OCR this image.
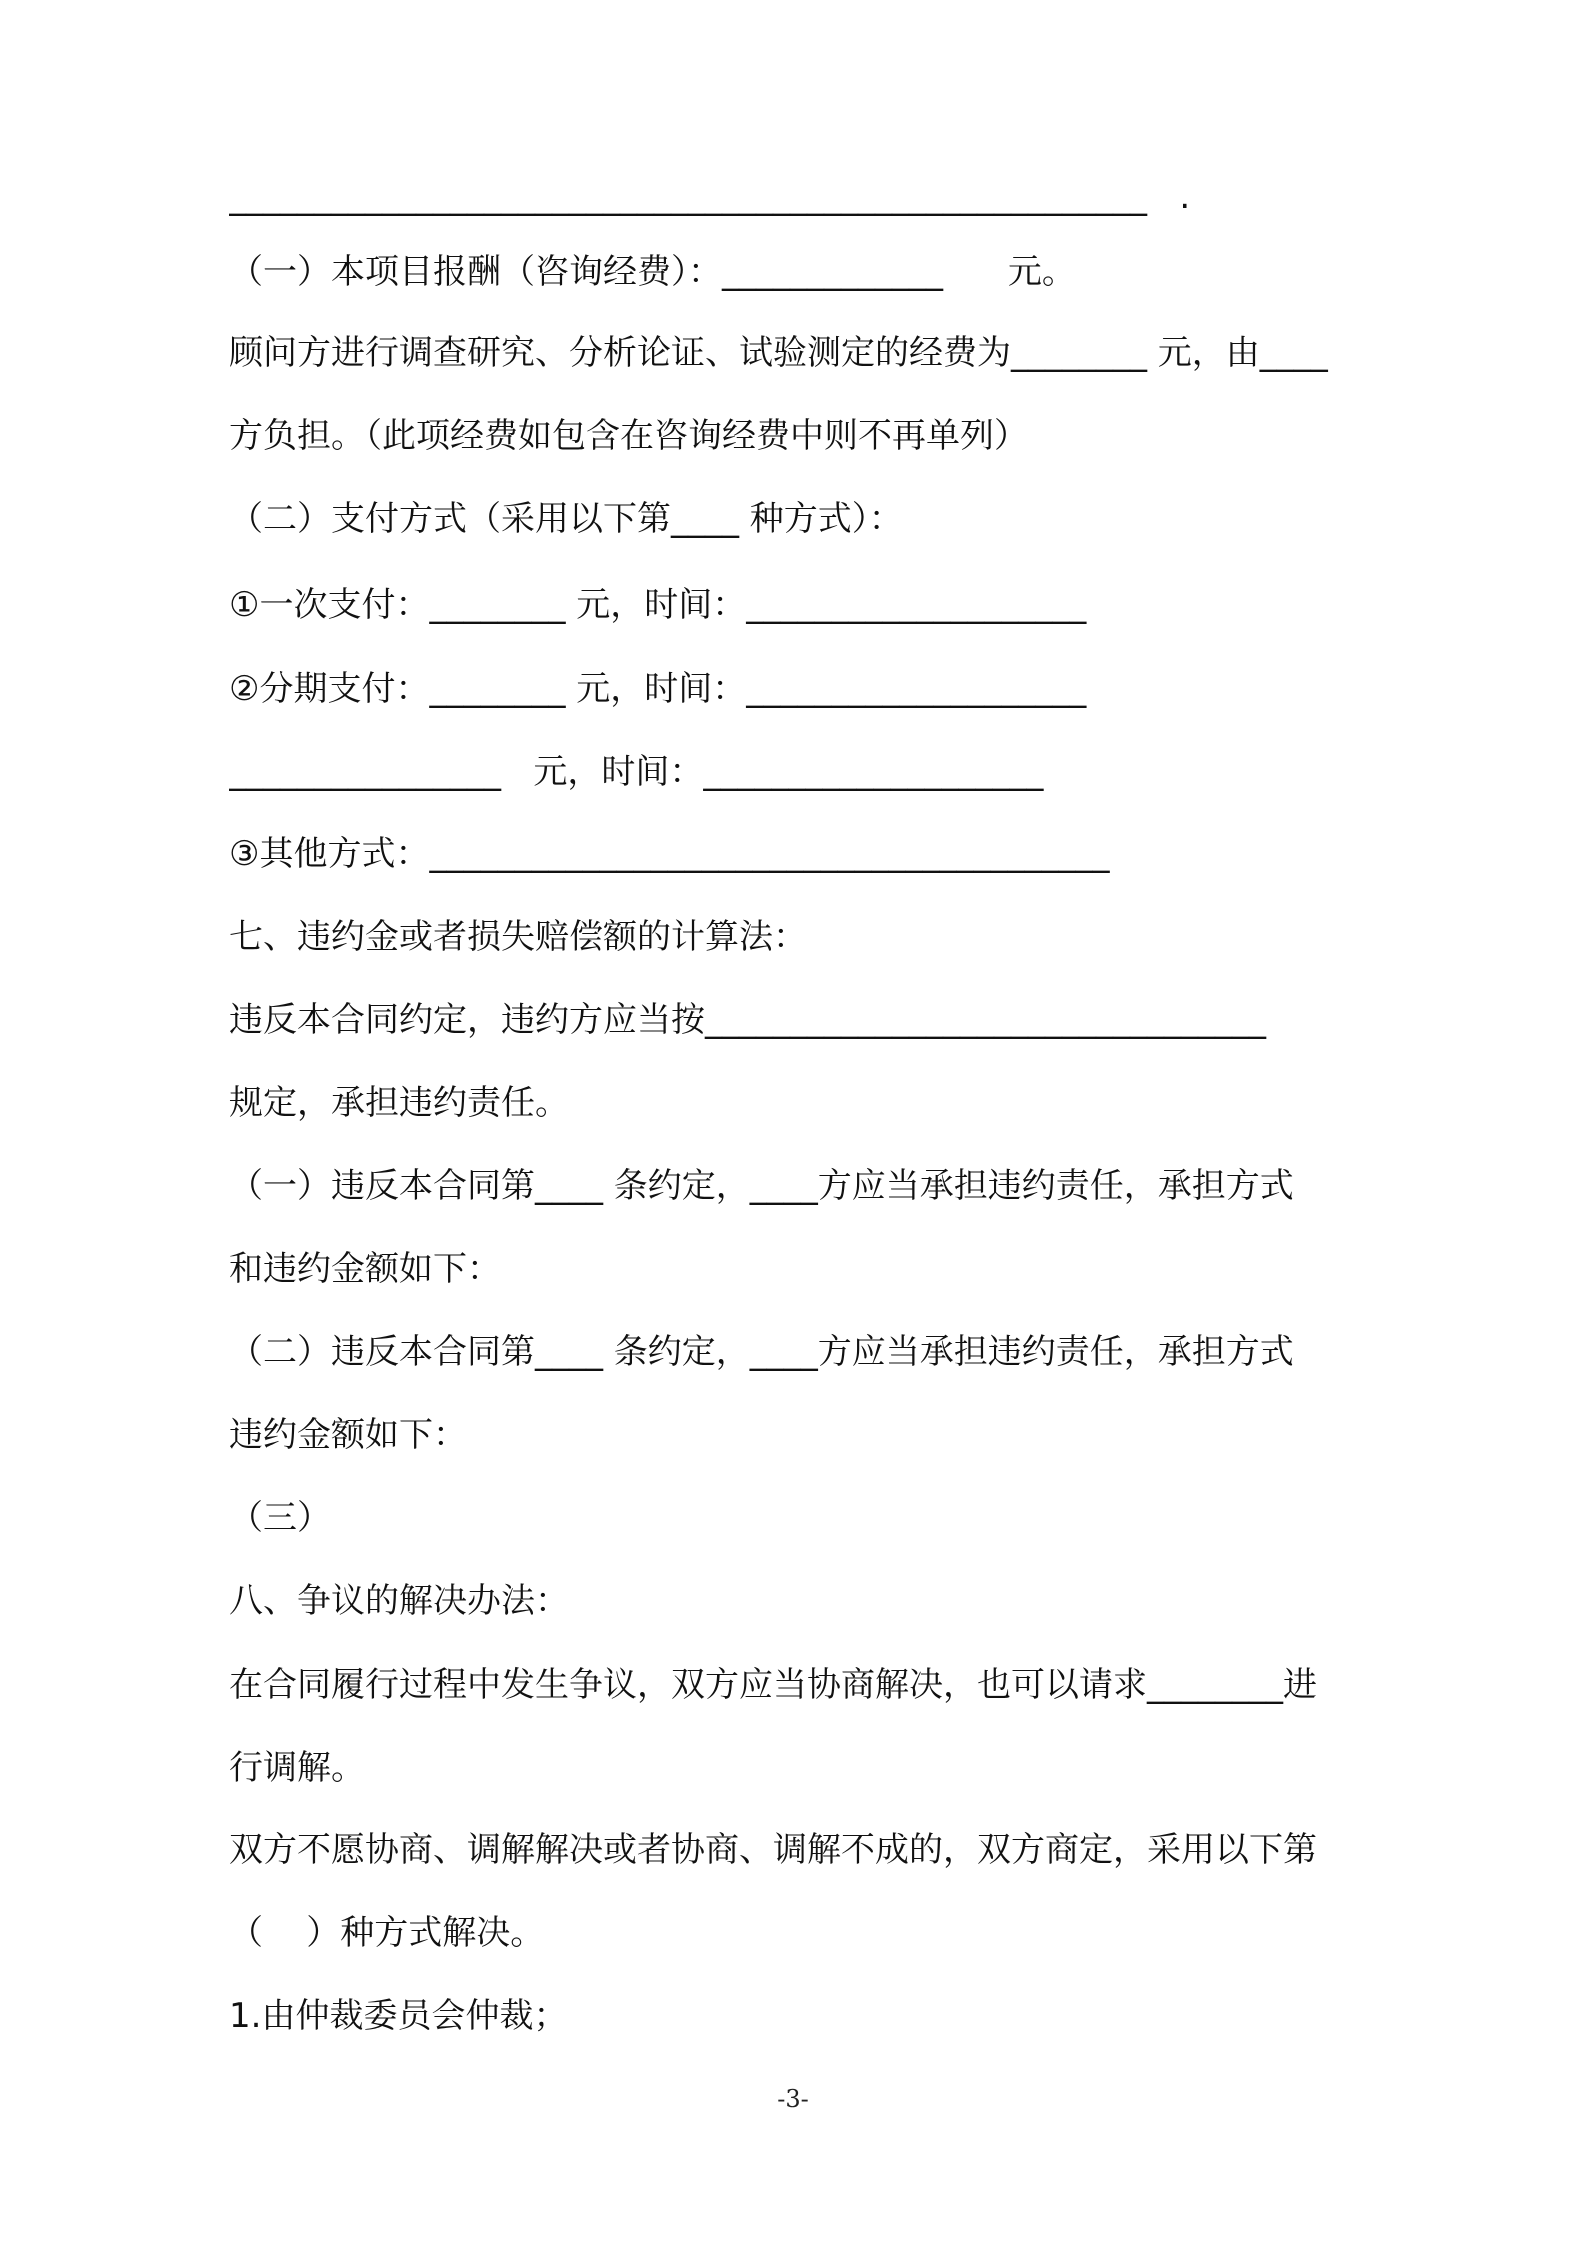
______________________________________________________   .
（一）本项目报酬（咨询经费）：_____________      元。
顾问方进行调查研究、分析论证、试验测定的经费为________ 元，由____
方负担。（此项经费如包含在咨询经费中则不再单列）
（二）支付方式（采用以下第____ 种方式）：
①一次支付：________ 元，时间：____________________
②分期支付：________ 元，时间：____________________
________________   元，时间：____________________
③其他方式：________________________________________
七、违约金或者损失赔偿额的计算法：
违反本合同约定，违约方应当按_________________________________
规定，承担违约责任。
（一）违反本合同第____ 条约定，____方应当承担违约责任，承担方式
和违约金额如下：
（二）违反本合同第____ 条约定，____方应当承担违约责任，承担方式
违约金额如下：
（三）
八、争议的解决办法：
在合同履行过程中发生争议，双方应当协商解决，也可以请求________进
行调解。
双方不愿协商、调解解决或者协商、调解不成的，双方商定，采用以下第
（    ）种方式解决。
1.由仲裁委员会仲裁；
-3-
